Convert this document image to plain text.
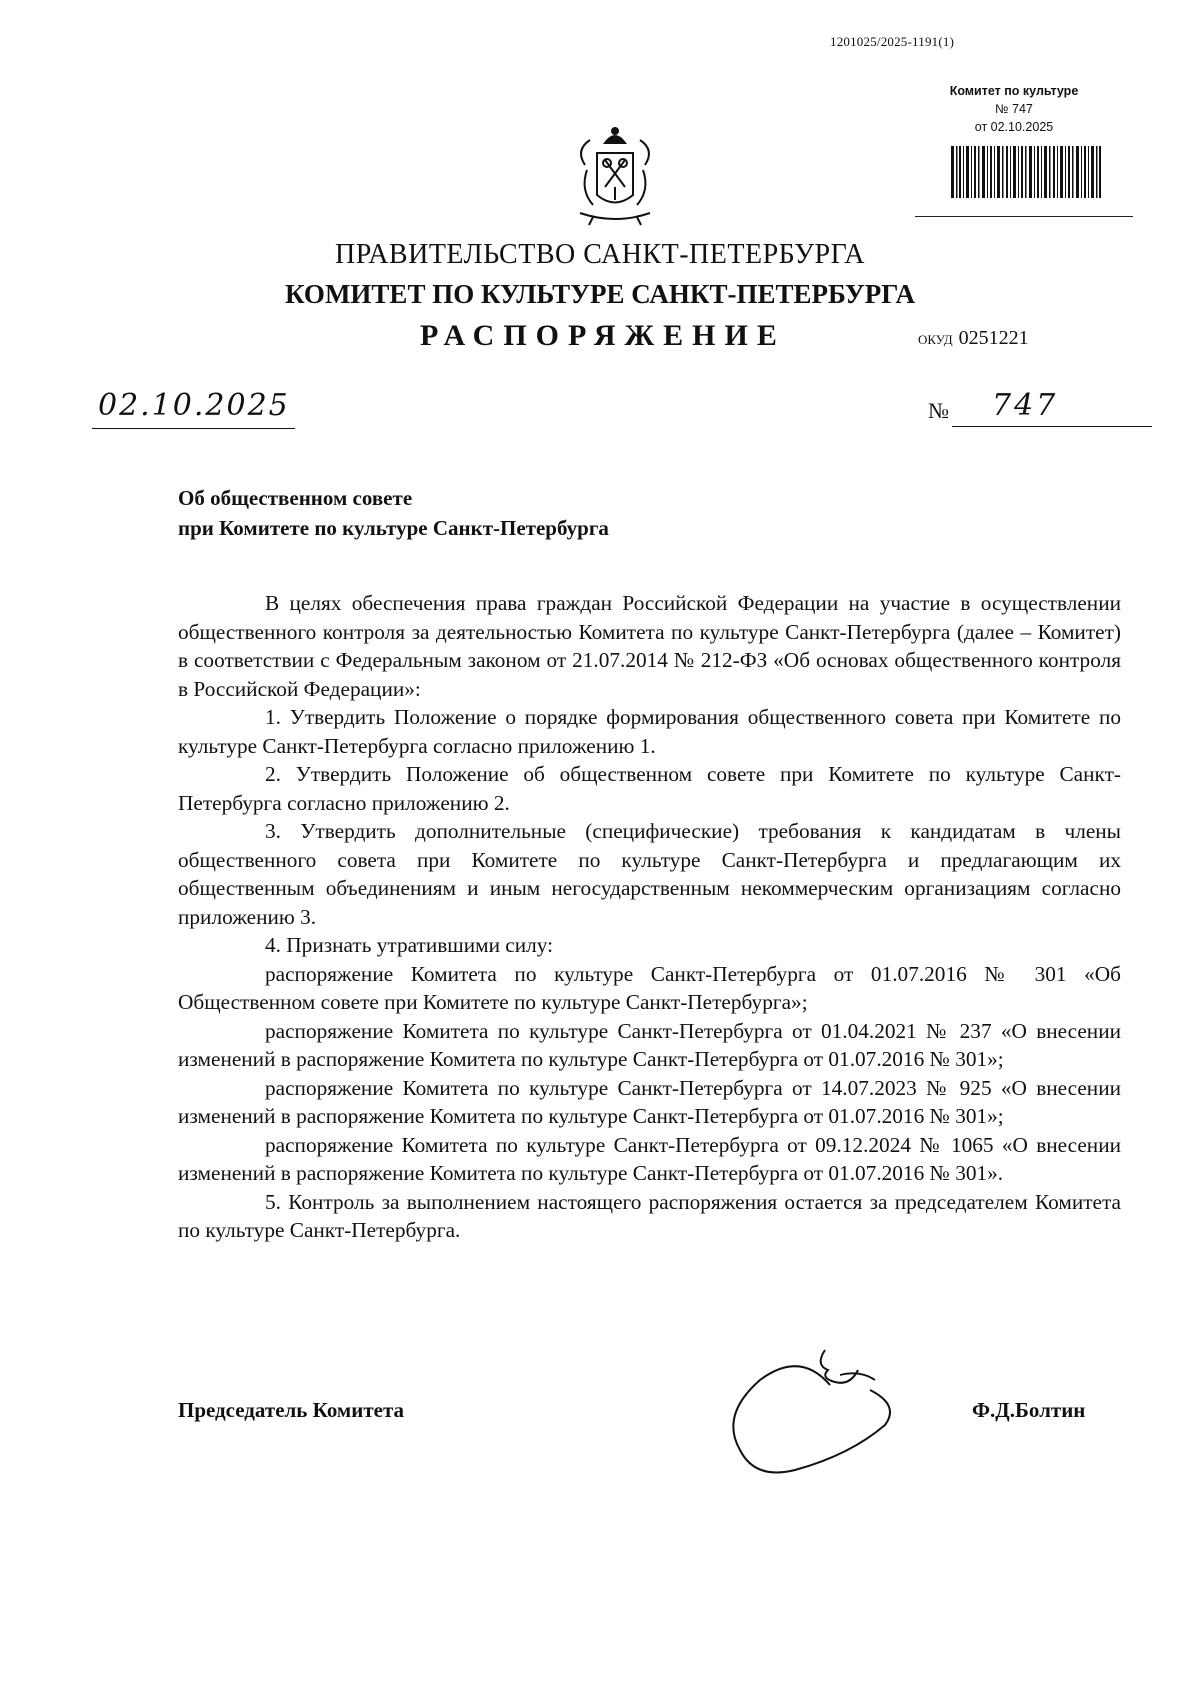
1201025/2025-1191(1)
Комитет по культуре
№ 747
от 02.10.2025
ПРАВИТЕЛЬСТВО САНКТ-ПЕТЕРБУРГА
КОМИТЕТ ПО КУЛЬТУРЕ САНКТ-ПЕТЕРБУРГА
РАСПОРЯЖЕНИЕ	ОКУД 0251221
02.10.2025	№ 747
Об общественном совете
при Комитете по культуре Санкт-Петербурга

В целях обеспечения права граждан Российской Федерации на участие в осуществлении общественного контроля за деятельностью Комитета по культуре Санкт-Петербурга (далее – Комитет) в соответствии с Федеральным законом от 21.07.2014 № 212-ФЗ «Об основах общественного контроля в Российской Федерации»:

1. Утвердить Положение о порядке формирования общественного совета при Комитете по культуре Санкт-Петербурга согласно приложению 1.

2. Утвердить Положение об общественном совете при Комитете по культуре Санкт-Петербурга согласно приложению 2.

3. Утвердить дополнительные (специфические) требования к кандидатам в члены общественного совета при Комитете по культуре Санкт-Петербурга и предлагающим их общественным объединениям и иным негосударственным некоммерческим организациям согласно приложению 3.

4. Признать утратившими силу:

распоряжение Комитета по культуре Санкт-Петербурга от 01.07.2016 № 301 «Об Общественном совете при Комитете по культуре Санкт-Петербурга»;

распоряжение Комитета по культуре Санкт-Петербурга от 01.04.2021 № 237 «О внесении изменений в распоряжение Комитета по культуре Санкт-Петербурга от 01.07.2016 № 301»;

распоряжение Комитета по культуре Санкт-Петербурга от 14.07.2023 № 925 «О внесении изменений в распоряжение Комитета по культуре Санкт-Петербурга от 01.07.2016 № 301»;

распоряжение Комитета по культуре Санкт-Петербурга от 09.12.2024 № 1065 «О внесении изменений в распоряжение Комитета по культуре Санкт-Петербурга от 01.07.2016 № 301».

5. Контроль за выполнением настоящего распоряжения остается за председателем Комитета по культуре Санкт-Петербурга.

Председатель Комитета	Ф.Д.Болтин
